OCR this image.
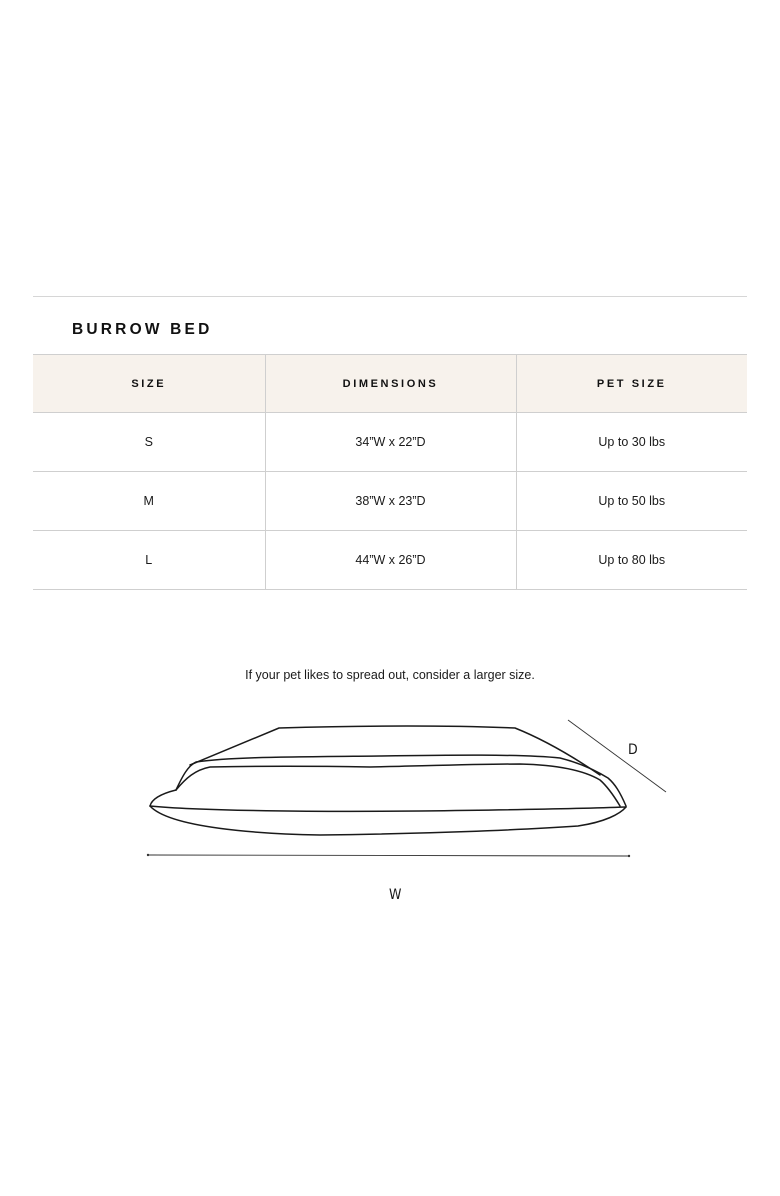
BURROW BED
SIZE	DIMENSIONS	PET SIZE
S	34”W x 22”D	Up to 30 lbs
M	38”W x 23”D	Up to 50 lbs
L	44”W x 26”D	Up to 80 lbs

If your pet likes to spread out, consider a larger size.

D
W
